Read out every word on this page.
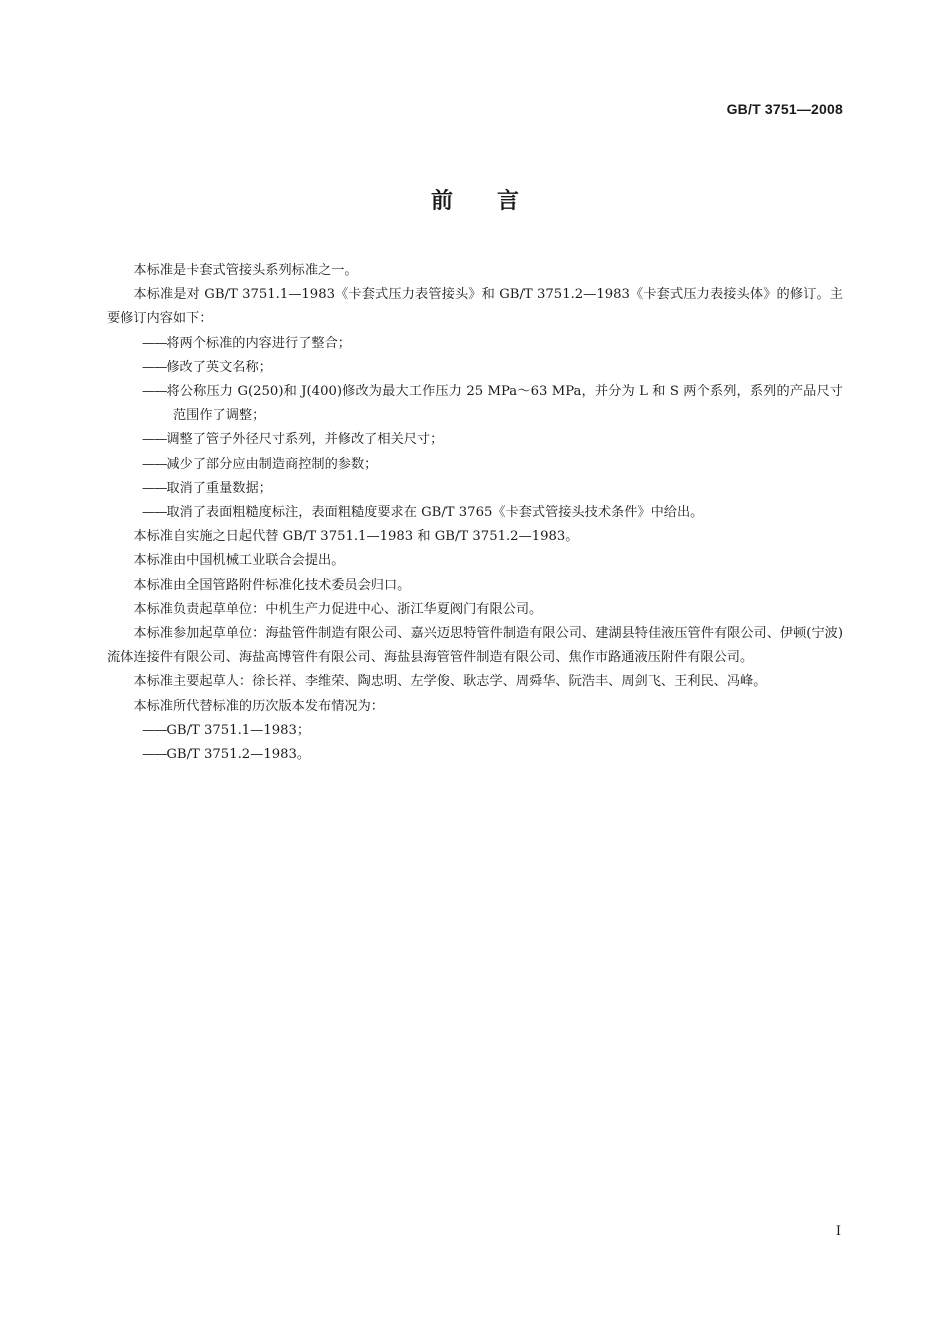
GB/T 3751—2008
前言

本标准是卡套式管接头系列标准之一。

本标准是对 GB/T 3751.1—1983《卡套式压力表管接头》和 GB/T 3751.2—1983《卡套式压力表接头体》的修订。主要修订内容如下：

——将两个标准的内容进行了整合；

——修改了英文名称；

——将公称压力 G(250)和 J(400)修改为最大工作压力 25 MPa～63 MPa，并分为 L 和 S 两个系列，系列的产品尺寸范围作了调整；

——调整了管子外径尺寸系列，并修改了相关尺寸；

——减少了部分应由制造商控制的参数；

——取消了重量数据；

——取消了表面粗糙度标注，表面粗糙度要求在 GB/T 3765《卡套式管接头技术条件》中给出。

本标准自实施之日起代替 GB/T 3751.1—1983 和 GB/T 3751.2—1983。

本标准由中国机械工业联合会提出。

本标准由全国管路附件标准化技术委员会归口。

本标准负责起草单位：中机生产力促进中心、浙江华夏阀门有限公司。

本标准参加起草单位：海盐管件制造有限公司、嘉兴迈思特管件制造有限公司、建湖县特佳液压管件有限公司、伊顿(宁波)流体连接件有限公司、海盐高博管件有限公司、海盐县海管管件制造有限公司、焦作市路通液压附件有限公司。

本标准主要起草人：徐长祥、李维荣、陶忠明、左学俊、耿志学、周舜华、阮浩丰、周剑飞、王利民、冯峰。

本标准所代替标准的历次版本发布情况为：

——GB/T 3751.1—1983；

——GB/T 3751.2—1983。

I
